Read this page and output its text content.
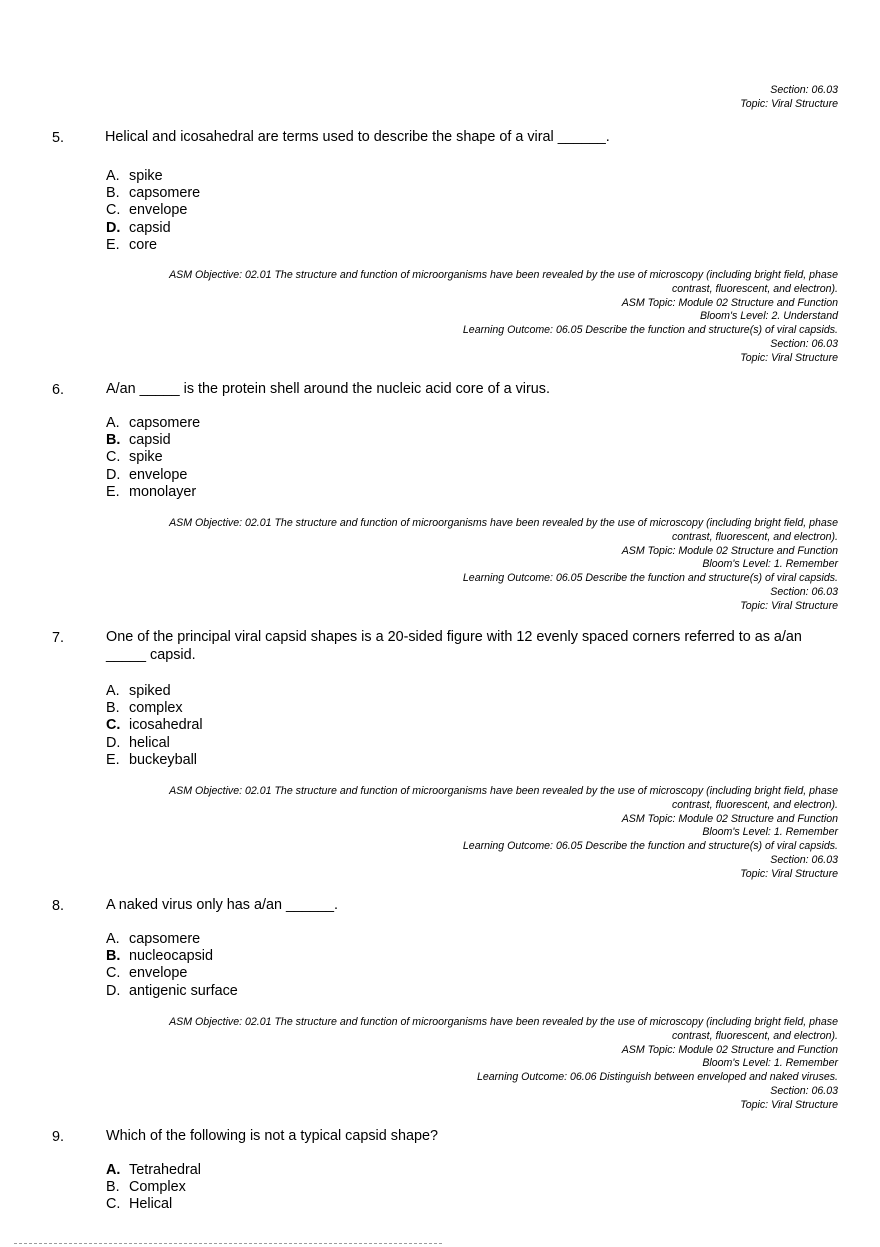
Section: 06.03
Topic: Viral Structure
5.	Helical and icosahedral are terms used to describe the shape of a viral ______.
A. spike
B. capsomere
C. envelope
D. capsid
E. core
ASM Objective: 02.01 The structure and function of microorganisms have been revealed by the use of microscopy (including bright field, phase
contrast, fluorescent, and electron).
ASM Topic: Module 02 Structure and Function
Bloom's Level: 2. Understand
Learning Outcome: 06.05 Describe the function and structure(s) of viral capsids.
Section: 06.03
Topic: Viral Structure
6.	A/an _____ is the protein shell around the nucleic acid core of a virus.
A. capsomere
B. capsid
C. spike
D. envelope
E. monolayer
ASM Objective: 02.01 The structure and function of microorganisms have been revealed by the use of microscopy (including bright field, phase
contrast, fluorescent, and electron).
ASM Topic: Module 02 Structure and Function
Bloom's Level: 1. Remember
Learning Outcome: 06.05 Describe the function and structure(s) of viral capsids.
Section: 06.03
Topic: Viral Structure
7.	One of the principal viral capsid shapes is a 20-sided figure with 12 evenly spaced corners referred to as a/an
_____ capsid.
A. spiked
B. complex
C. icosahedral
D. helical
E. buckeyball
ASM Objective: 02.01 The structure and function of microorganisms have been revealed by the use of microscopy (including bright field, phase
contrast, fluorescent, and electron).
ASM Topic: Module 02 Structure and Function
Bloom's Level: 1. Remember
Learning Outcome: 06.05 Describe the function and structure(s) of viral capsids.
Section: 06.03
Topic: Viral Structure
8.	A naked virus only has a/an ______.
A. capsomere
B. nucleocapsid
C. envelope
D. antigenic surface
ASM Objective: 02.01 The structure and function of microorganisms have been revealed by the use of microscopy (including bright field, phase
contrast, fluorescent, and electron).
ASM Topic: Module 02 Structure and Function
Bloom's Level: 1. Remember
Learning Outcome: 06.06 Distinguish between enveloped and naked viruses.
Section: 06.03
Topic: Viral Structure
9.	Which of the following is not a typical capsid shape?
A. Tetrahedral
B. Complex
C. Helical
